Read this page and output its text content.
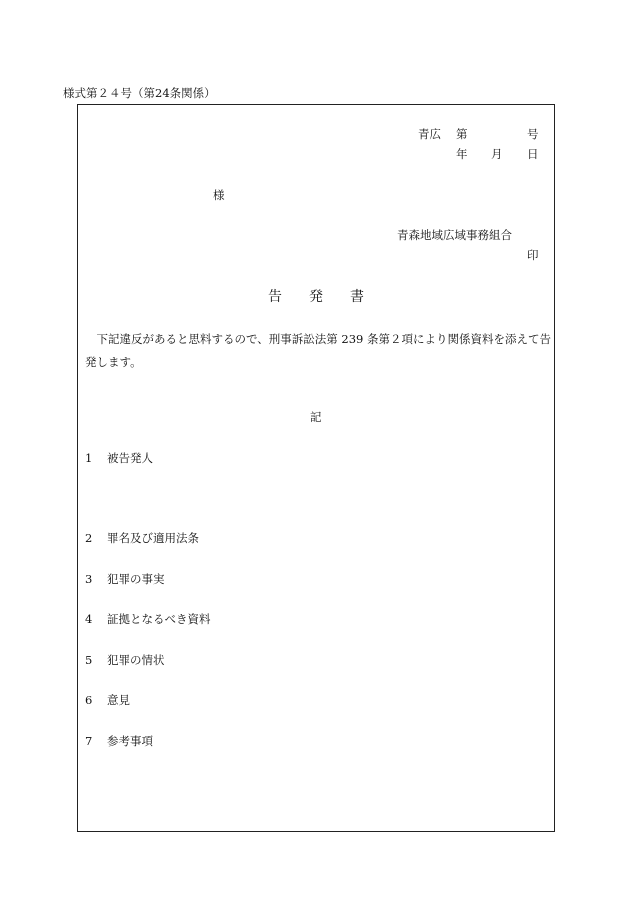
様式第２４号（第24条関係）
青広 第	号
年 月 日
様
青森地域広域事務組合
印
告 発 書
　下記違反があると思料するので、刑事訴訟法第 239 条第２項により関係資料を添えて告発します。
記
1 被告発人
2 罪名及び適用法条
3 犯罪の事実
4 証拠となるべき資料
5 犯罪の情状
6 意見
7 参考事項
